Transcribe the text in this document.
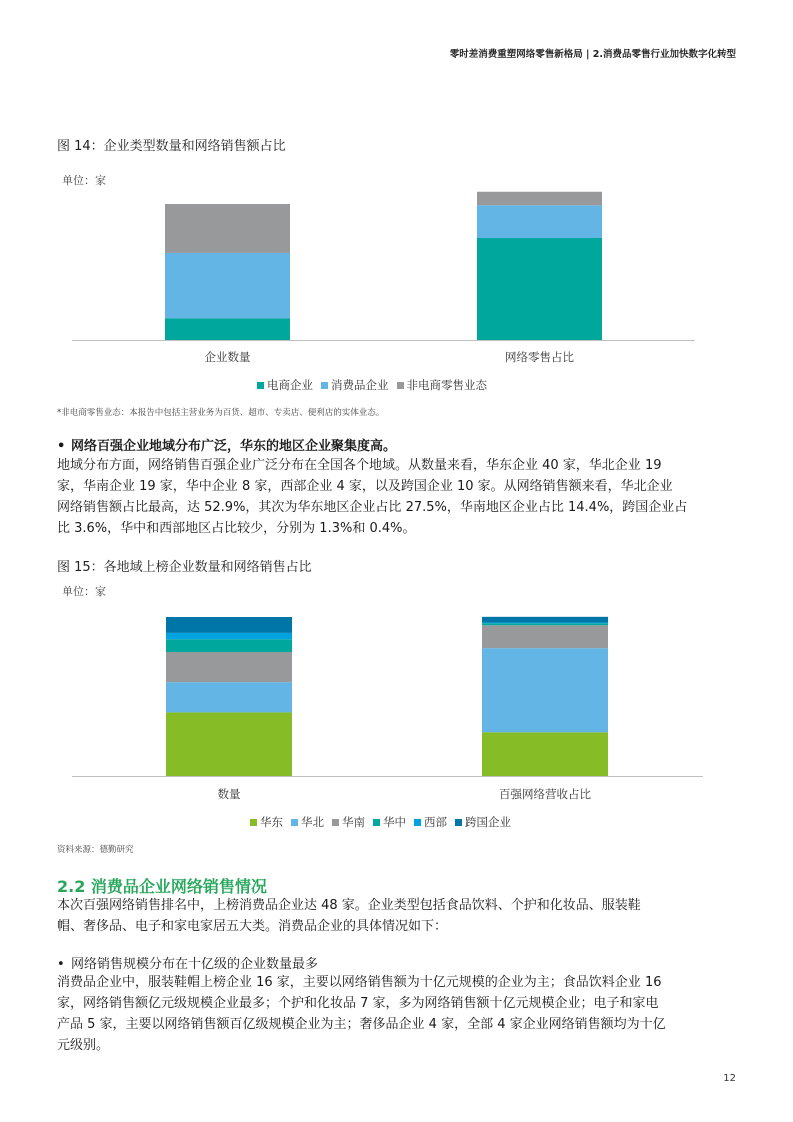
零时差消费重塑网络零售新格局 | 2.消费品零售行业加快数字化转型
图 14：企业类型数量和网络销售额占比
单位：家
企业数量	网络零售占比
电商企业 消费品企业 非电商零售业态
*非电商零售业态：本报告中包括主营业务为百货、超市、专卖店、便利店的实体业态。
• 网络百强企业地域分布广泛，华东的地区企业聚集度高。
地域分布方面，网络销售百强企业广泛分布在全国各个地域。从数量来看，华东企业 40 家，华北企业 19
家，华南企业 19 家，华中企业 8 家，西部企业 4 家，以及跨国企业 10 家。从网络销售额来看，华北企业
网络销售额占比最高，达 52.9%，其次为华东地区企业占比 27.5%，华南地区企业占比 14.4%，跨国企业占
比 3.6%，华中和西部地区占比较少，分别为 1.3%和 0.4%。
图 15：各地域上榜企业数量和网络销售占比
单位：家
数量	百强网络营收占比
华东 华北 华南 华中 西部 跨国企业
资料来源：德勤研究
2.2 消费品企业网络销售情况
本次百强网络销售排名中，上榜消费品企业达 48 家。企业类型包括食品饮料、个护和化妆品、服装鞋
帽、奢侈品、电子和家电家居五大类。消费品企业的具体情况如下：
• 网络销售规模分布在十亿级的企业数量最多
消费品企业中，服装鞋帽上榜企业 16 家，主要以网络销售额为十亿元规模的企业为主；食品饮料企业 16
家，网络销售额亿元级规模企业最多；个护和化妆品 7 家，多为网络销售额十亿元规模企业；电子和家电
产品 5 家，主要以网络销售额百亿级规模企业为主；奢侈品企业 4 家，全部 4 家企业网络销售额均为十亿
元级别。
12
